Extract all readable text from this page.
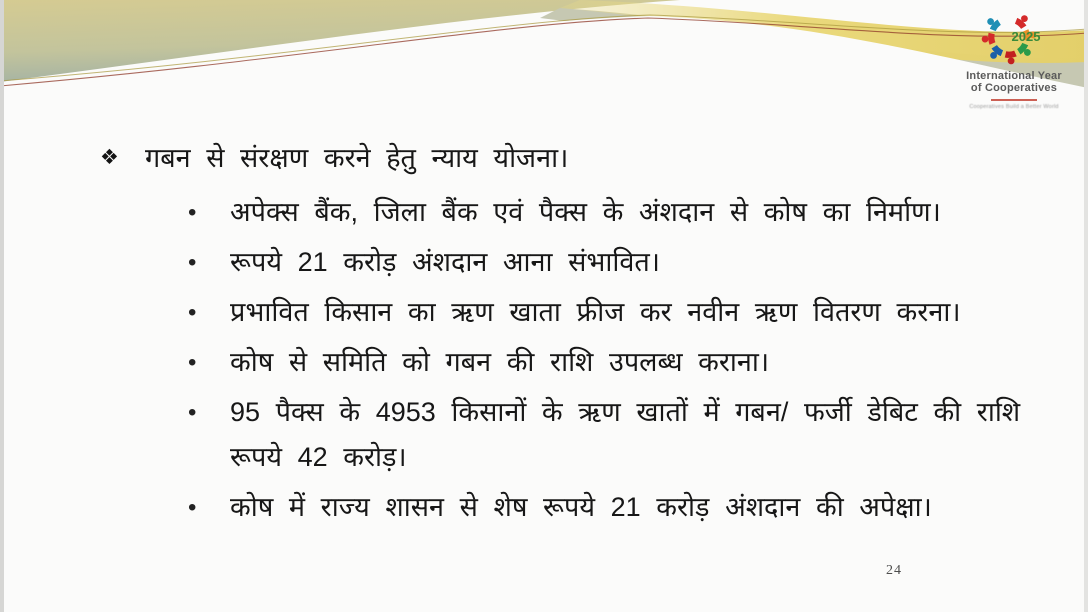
2025
International Year
of Cooperatives
Cooperatives Build a Better World
❖ गबन से संरक्षण करने हेतु न्याय योजना।
•	अपेक्स बैंक, जिला बैंक एवं पैक्स के अंशदान से कोष का निर्माण।
•	रूपये 21 करोड़ अंशदान आना संभावित।
•	प्रभावित किसान का ऋण खाता फ्रीज कर नवीन ऋण वितरण करना।
•	कोष से समिति को गबन की राशि उपलब्ध कराना।
•	95 पैक्स के 4953 किसानों के ऋण खातों में गबन/ फर्जी डेबिट की राशि रूपये 42 करोड़।
•	कोष में राज्य शासन से शेष रूपये 21 करोड़ अंशदान की अपेक्षा।
24
